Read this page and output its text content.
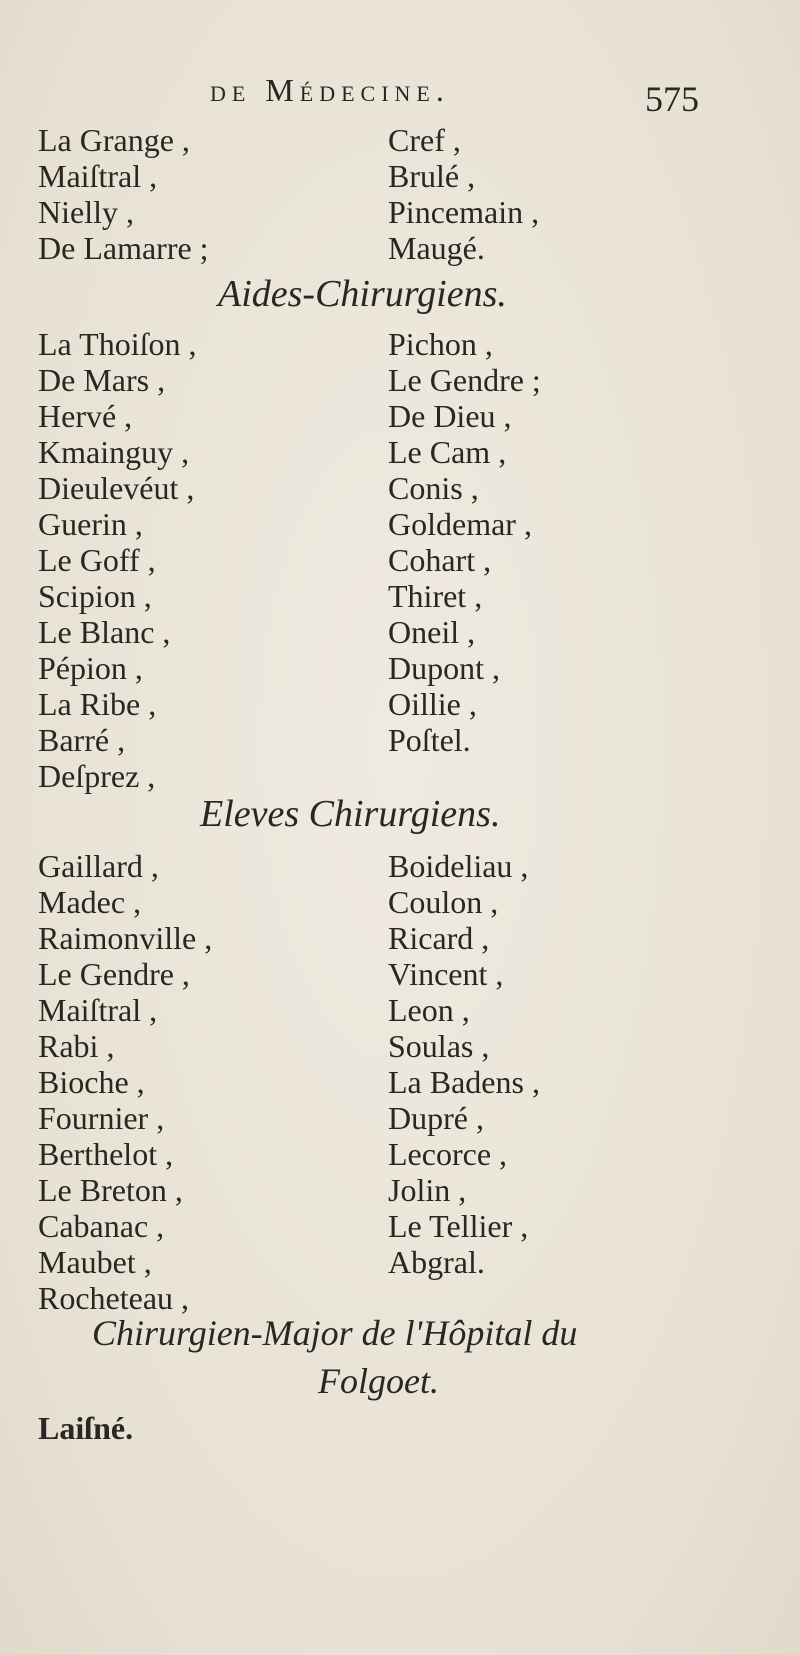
de Médecine.	575
La Grange ,
Maiſtral ,
Nielly ,
De Lamarre ;
Cref ,
Brulé ,
Pincemain ,
Maugé.
Aides-Chirurgiens.
La Thoiſon ,
De Mars ,
Hervé ,
Kmainguy ,
Dieulevéut ,
Guerin ,
Le Goff ,
Scipion ,
Le Blanc ,
Pépion ,
La Ribe ,
Barré ,
Deſprez ,
Pichon ,
Le Gendre ;
De Dieu ,
Le Cam ,
Conis ,
Goldemar ,
Cohart ,
Thiret ,
Oneil ,
Dupont ,
Oillie ,
Poſtel.
Eleves Chirurgiens.
Gaillard ,
Madec ,
Raimonville ,
Le Gendre ,
Maiſtral ,
Rabi ,
Bioche ,
Fournier ,
Berthelot ,
Le Breton ,
Cabanac ,
Maubet ,
Rocheteau ,
Boideliau ,
Coulon ,
Ricard ,
Vincent ,
Leon ,
Soulas ,
La Badens ,
Dupré ,
Lecorce ,
Jolin ,
Le Tellier ,
Abgral.
Chirurgien-Major de l'Hôpital du
Folgoet.
Laiſné.
